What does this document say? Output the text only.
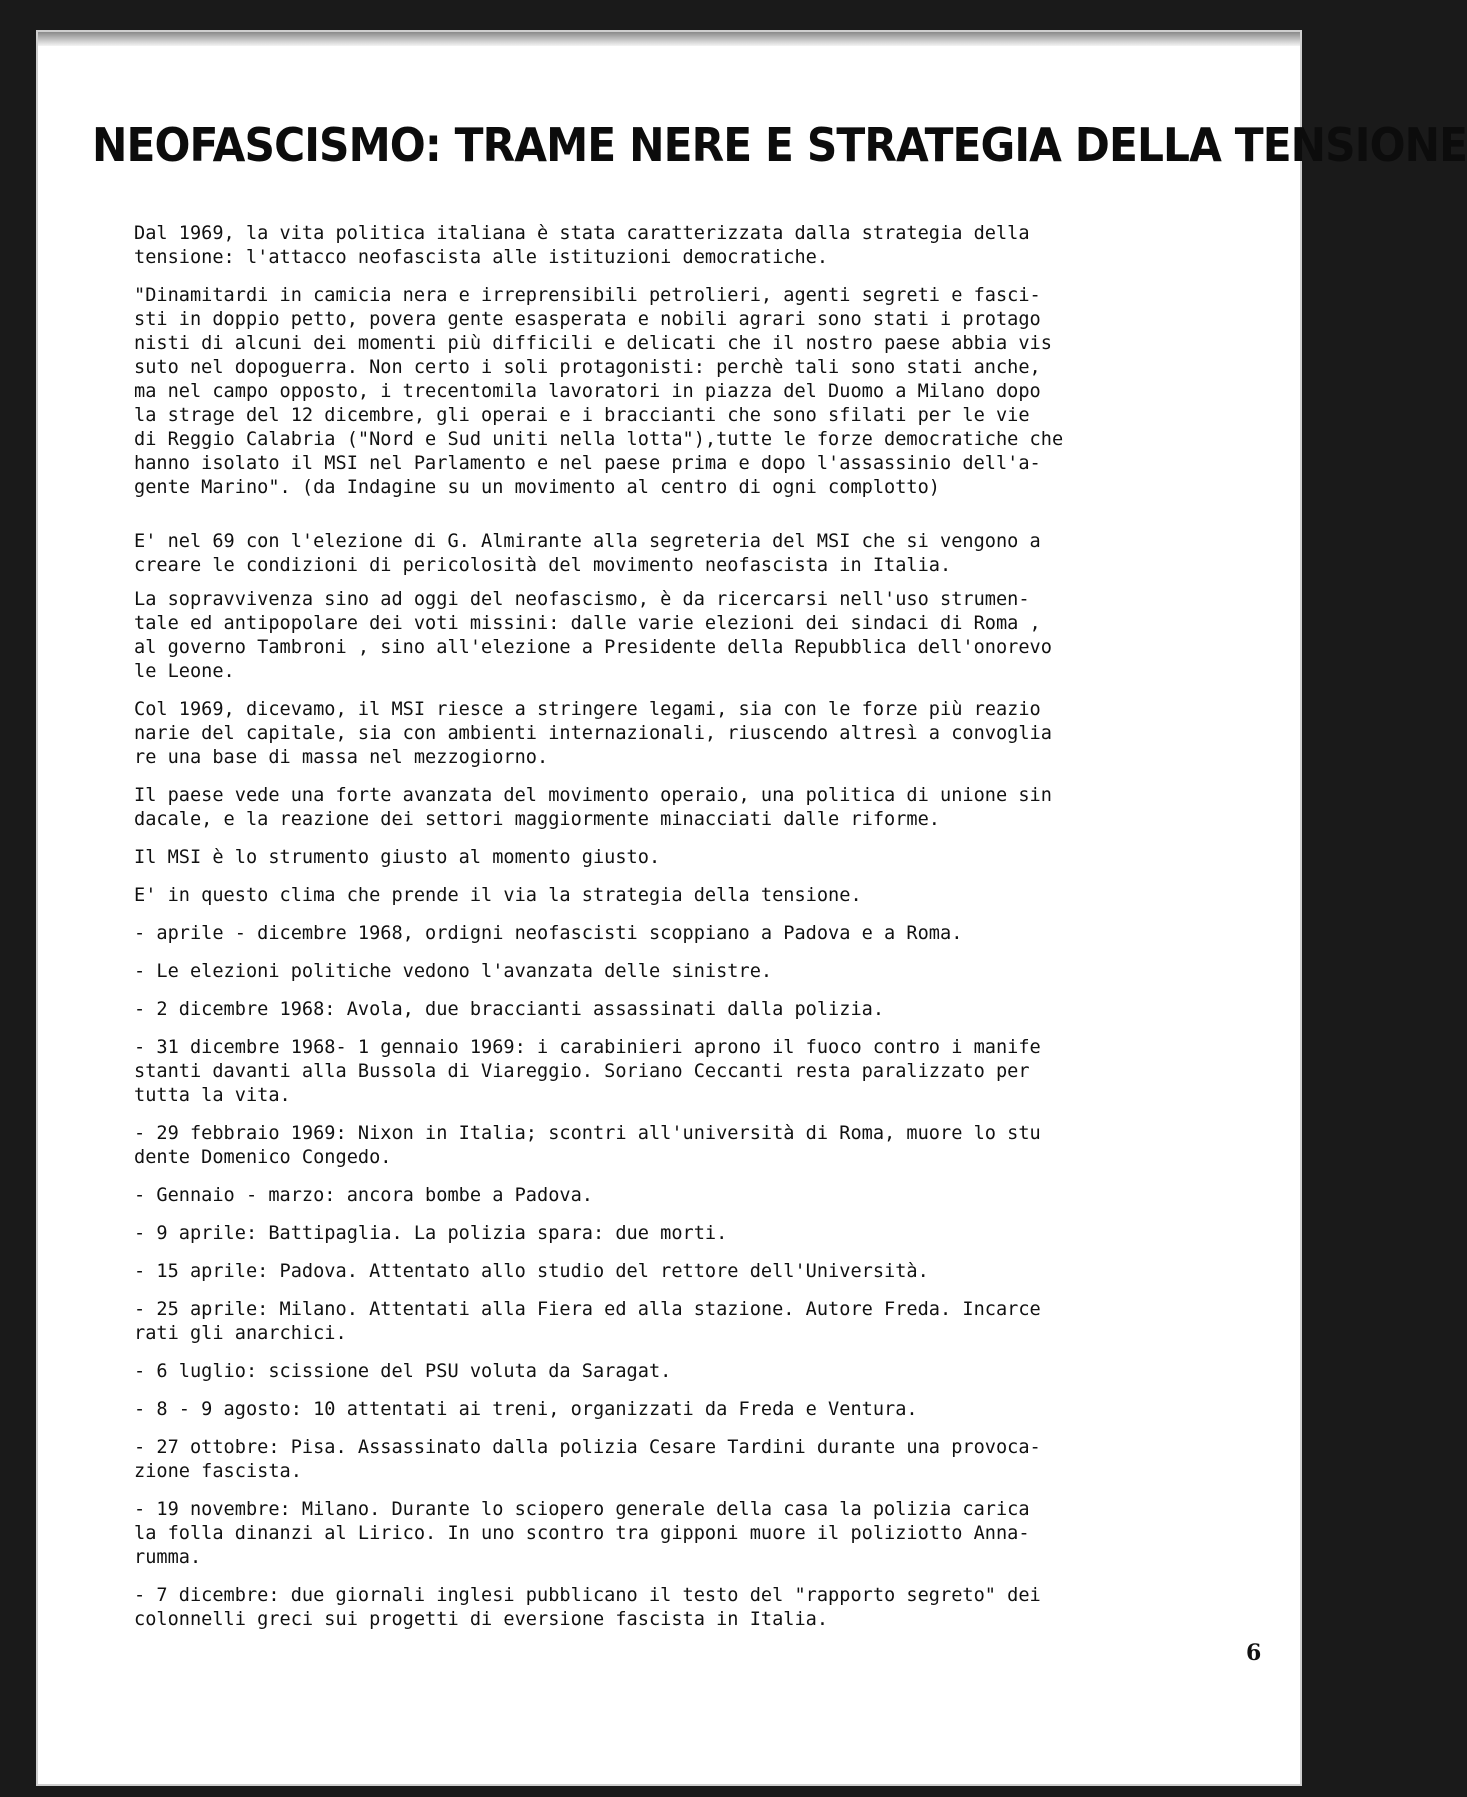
NEOFASCISMO: TRAME NERE E STRATEGIA DELLA TENSIONE

Dal 1969, la vita politica italiana è stata caratterizzata dalla strategia della
tensione: l'attacco neofascista alle istituzioni democratiche.

"Dinamitardi in camicia nera e irreprensibili petrolieri, agenti segreti e fasci-
sti in doppio petto, povera gente esasperata e nobili agrari sono stati i protago
nisti di alcuni dei momenti più difficili e delicati che il nostro paese abbia vis
suto nel dopoguerra. Non certo i soli protagonisti: perchè tali sono stati anche,
ma nel campo opposto, i trecentomila lavoratori in piazza del Duomo a Milano dopo
la strage del 12 dicembre, gli operai e i braccianti che sono sfilati per le vie
di Reggio Calabria ("Nord e Sud uniti nella lotta"),tutte le forze democratiche che
hanno isolato il MSI nel Parlamento e nel paese prima e dopo l'assassinio dell'a-
gente Marino". (da Indagine su un movimento al centro di ogni complotto)

E' nel 69 con l'elezione di G. Almirante alla segreteria del MSI che si vengono a
creare le condizioni di pericolosità del movimento neofascista in Italia.

La sopravvivenza sino ad oggi del neofascismo, è da ricercarsi nell'uso strumen-
tale ed antipopolare dei voti missini: dalle varie elezioni dei sindaci di Roma ,
al governo Tambroni , sino all'elezione a Presidente della Repubblica dell'onorevo
le Leone.

Col 1969, dicevamo, il MSI riesce a stringere legami, sia con le forze più reazio
narie del capitale, sia con ambienti internazionali, riuscendo altresì a convoglia
re una base di massa nel mezzogiorno.

Il paese vede una forte avanzata del movimento operaio, una politica di unione sin
dacale, e la reazione dei settori maggiormente minacciati dalle riforme.

Il MSI è lo strumento giusto al momento giusto.

E' in questo clima che prende il via la strategia della tensione.

- aprile - dicembre 1968, ordigni neofascisti scoppiano a Padova e a Roma.

- Le elezioni politiche vedono l'avanzata delle sinistre.

- 2 dicembre 1968: Avola, due braccianti assassinati dalla polizia.

- 31 dicembre 1968- 1 gennaio 1969: i carabinieri aprono il fuoco contro i manife
stanti davanti alla Bussola di Viareggio. Soriano Ceccanti resta paralizzato per
tutta la vita.

- 29 febbraio 1969: Nixon in Italia; scontri all'università di Roma, muore lo stu
dente Domenico Congedo.

- Gennaio - marzo: ancora bombe a Padova.

- 9 aprile: Battipaglia. La polizia spara: due morti.

- 15 aprile: Padova. Attentato allo studio del rettore dell'Università.

- 25 aprile: Milano. Attentati alla Fiera ed alla stazione. Autore Freda. Incarce
rati gli anarchici.

- 6 luglio: scissione del PSU voluta da Saragat.

- 8 - 9 agosto: 10 attentati ai treni, organizzati da Freda e Ventura.

- 27 ottobre: Pisa. Assassinato dalla polizia Cesare Tardini durante una provoca-
zione fascista.

- 19 novembre: Milano. Durante lo sciopero generale della casa la polizia carica
la folla dinanzi al Lirico. In uno scontro tra gipponi muore il poliziotto Anna-
rumma.

- 7 dicembre: due giornali inglesi pubblicano il testo del "rapporto segreto" dei
colonnelli greci sui progetti di eversione fascista in Italia.

6
